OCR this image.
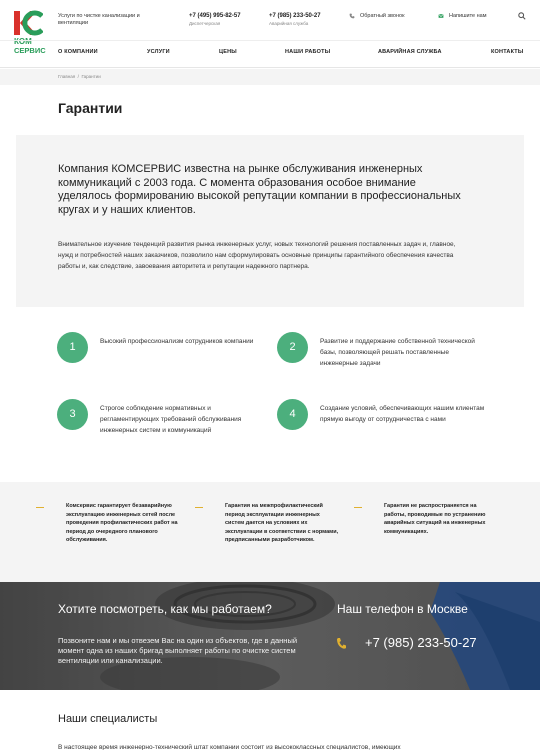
КОМ
СЕРВИС
Услуги по чистке канализации и вентиляции
+7 (495) 995-82-57
Диспетчерская
+7 (985) 233-50-27
Аварийная служба
Обратный звонок	Напишите нам
О КОМПАНИИ	УСЛУГИ	ЦЕНЫ	НАШИ РАБОТЫ	АВАРИЙНАЯ СЛУЖБА	КОНТАКТЫ
Главная / Гарантии
Гарантии

Компания КОМСЕРВИС известна на рынке обслуживания инженерных коммуникаций с 2003 года. С момента образования особое внимание уделялось формированию высокой репутации компании в профессиональных кругах и у наших клиентов.

Внимательное изучение тенденций развития рынка инженерных услуг, новых технологий решения поставленных задач и, главное, нужд и потребностей наших заказчиков, позволило нам сформулировать основные принципы гарантийного обеспечения качества работы и, как следствие, завоевания авторитета и репутации надежного партнера.

1	Высокий профессионализм сотрудников компании	2	Развитие и поддержание собственной технической базы, позволяющей решать поставленные инженерные задачи
3	Строгое соблюдение нормативных и регламентирующих требований обслуживания инженерных систем и коммуникаций
4	Создание условий, обеспечивающих нашим клиентам прямую выгоду от сотрудничества с нами
Комсервис гарантирует безаварийную эксплуатацию инженерных сетей после проведения профилактических работ на период до очередного планового обслуживания.
Гарантия на межпрофилактический период эксплуатации инженерных систем дается на условиях их эксплуатации в соответствии с нормами, предписанными разработчиком.
Гарантия не распространяется на работы, проводимые по устранению аварийных ситуаций на инженерных коммуникациях.
Хотите посмотреть, как мы работаем?
Позвоните нам и мы отвезем Вас на один из объектов, где в данный момент одна из наших бригад выполняет работы по очистке систем вентиляции или канализации.
Наш телефон в Москве
+7 (985) 233-50-27
Наши специалисты
В настоящее время инженерно-технический штат компании состоит из высококлассных специалистов, имеющих
